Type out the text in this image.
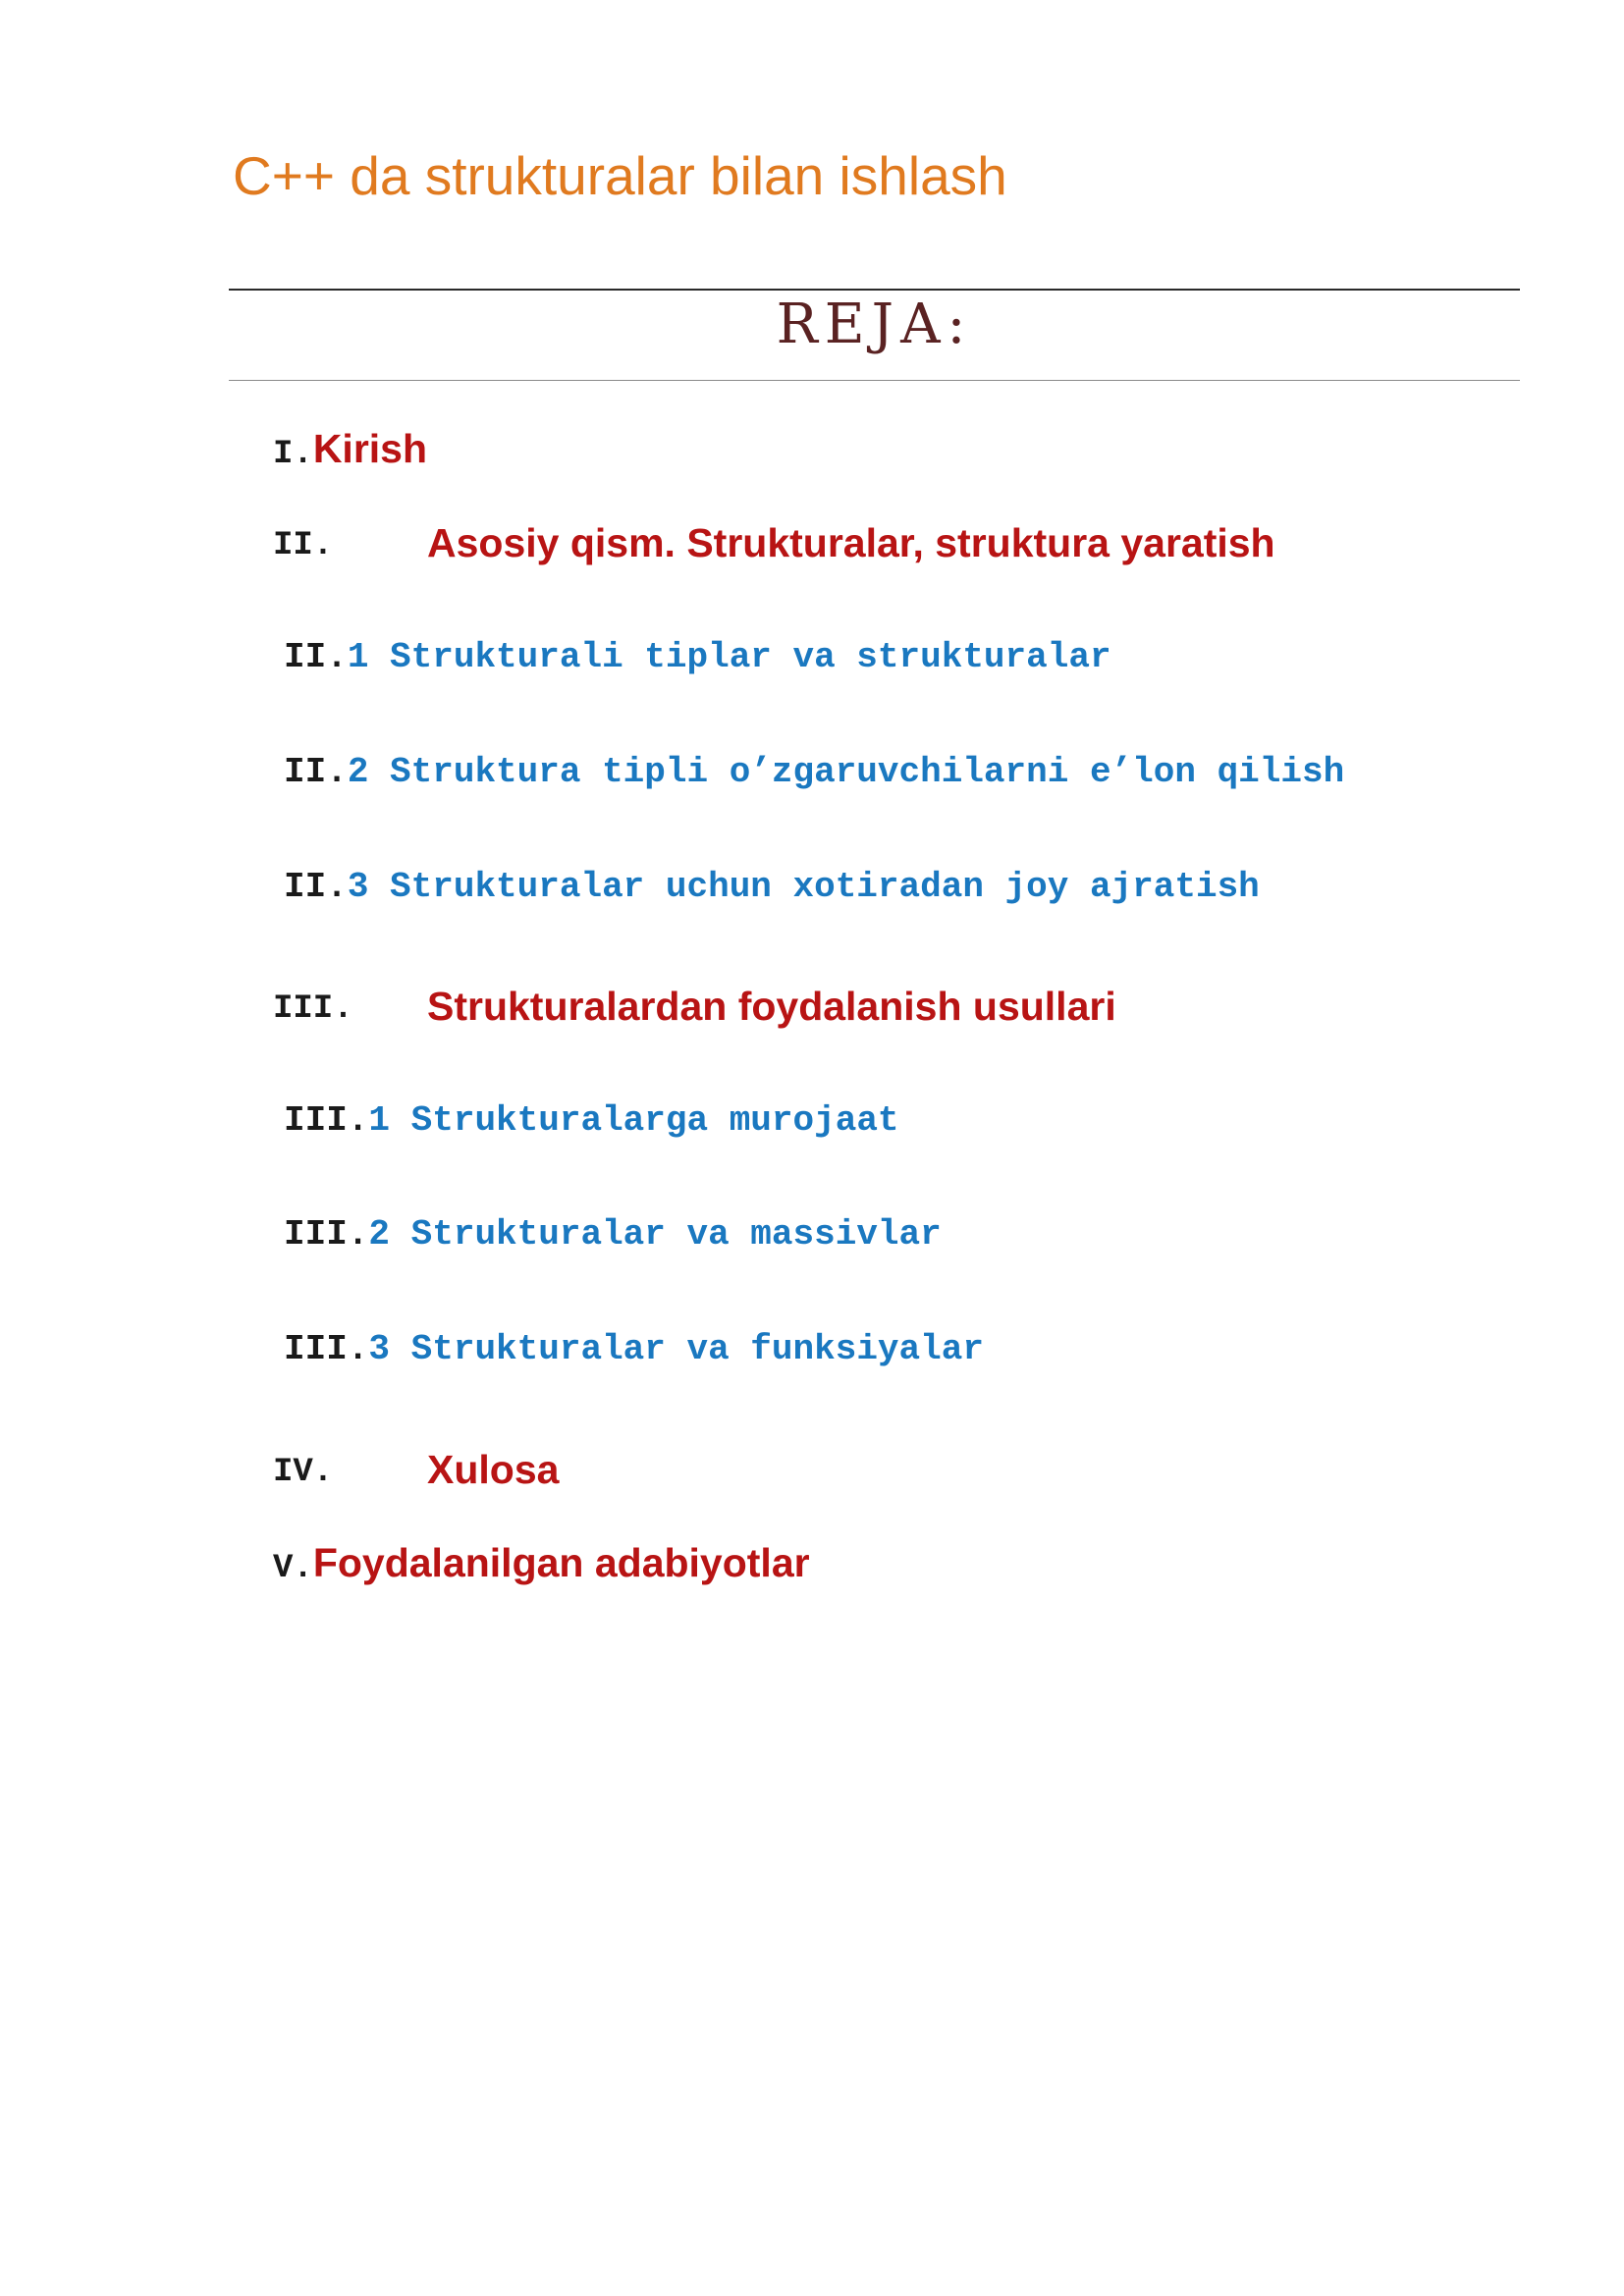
C++ da strukturalar bilan ishlash
REJA:
I.Kirish
II. Asosiy qism. Strukturalar, struktura yaratish
II.1 Strukturali tiplar va strukturalar
II.2 Struktura tipli o’zgaruvchilarni e’lon qilish
II.3 Strukturalar uchun xotiradan joy ajratish
III. Strukturalardan foydalanish usullari
III.1 Strukturalarga murojaat
III.2 Strukturalar va massivlar
III.3 Strukturalar va funksiyalar
IV. Xulosa
V.Foydalanilgan adabiyotlar
